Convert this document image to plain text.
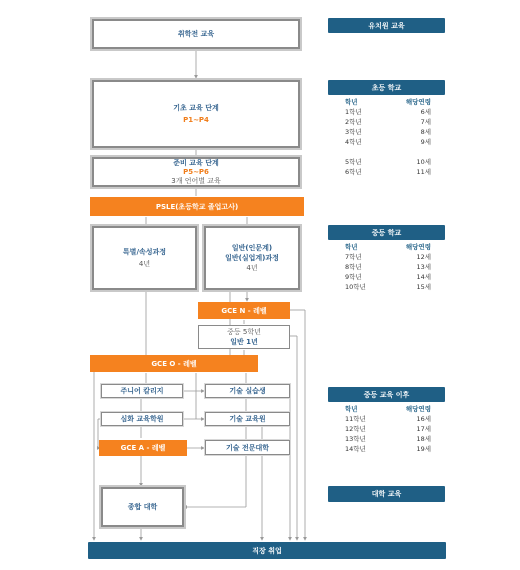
취학전 교육
기초 교육 단계
P1~P4
준비 교육 단계
P5~P6
3개 언어별 교육
PSLE(초등학교 졸업고사)
특별/속성과정
4년
일반(인문계)
일반(실업계)과정
4년
GCE N - 레벨
중등 5학년
일반 1년
GCE O - 레벨
주니어 칼리지	기술 실습생
심화 교육학원	기술 교육원
GCE A - 레벨	기술 전문대학
종합 대학
직장 취업
유치원 교육
초등 학교
학년	해당연령
1학년	6세
2학년	7세
3학년	8세
4학년	9세
5학년	10세
6학년	11세
중등 학교
학년	해당연령
7학년	12세
8학년	13세
9학년	14세
10학년	15세
중등 교육 이후
학년	해당연령
11학년	16세
12학년	17세
13학년	18세
14학년	19세
대학 교육
